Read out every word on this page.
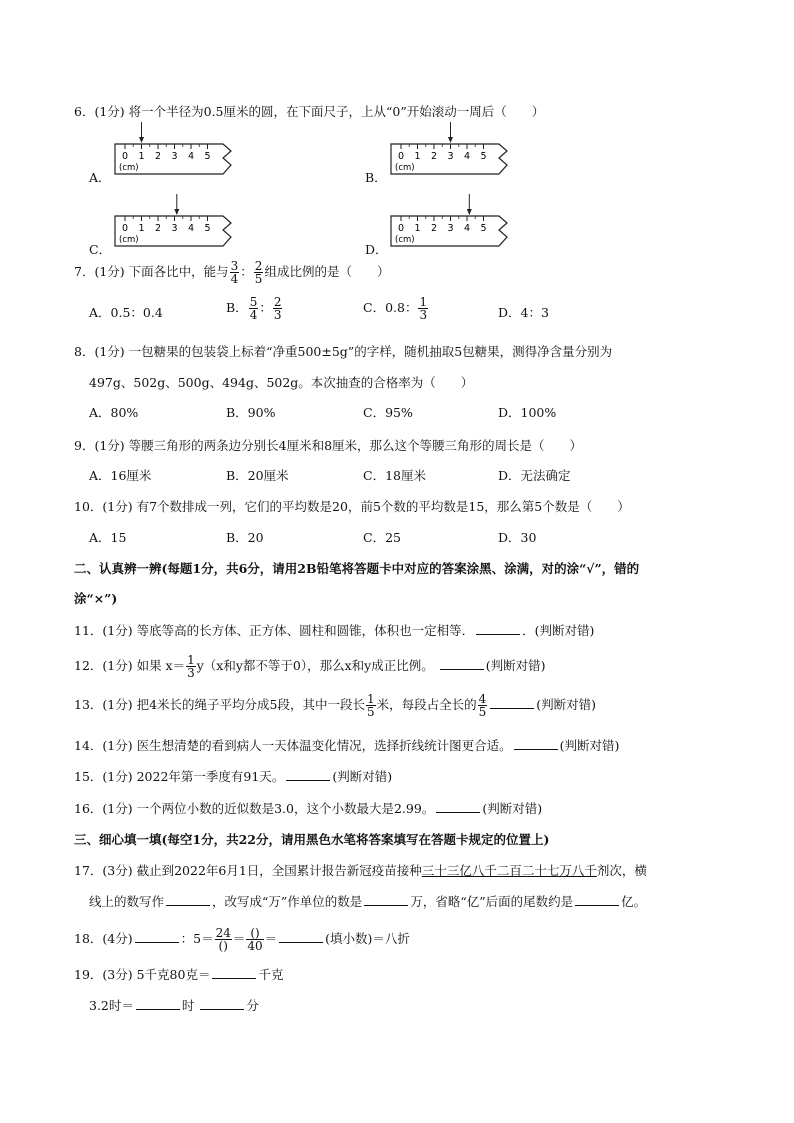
6．(1分) 将一个半径为0.5厘米的圆，在下面尺子，上从“0”开始滚动一周后（　　）
A．
0 1 2 3 4 5
(cm)
B．
0 1 2 3 4 5
(cm)
C．
0 1 2 3 4 5
(cm)
D．
0 1 2 3 4 5
(cm)
7．(1分) 下面各比中，能与 $\frac{3}{4}$ ： $\frac{2}{5}$ 组成比例的是（　　）
A．0.5：0.4	B． $\frac{5}{4}$ ： $\frac{2}{3}$	C．0.8： $\frac{1}{3}$	D．4：3
8．(1分) 一包糖果的包装袋上标着“净重500±5g”的字样，随机抽取5包糖果，测得净含量分别为
497g、502g、500g、494g、502g。本次抽查的合格率为（　　）
A．80%	B．90%	C．95%	D．100%
9．(1分) 等腰三角形的两条边分别长4厘米和8厘米，那么这个等腰三角形的周长是（　　）
A．16厘米	B．20厘米	C．18厘米	D．无法确定
10．(1分) 有7个数排成一列，它们的平均数是20，前5个数的平均数是15，那么第5个数是（　　）
A．15	B．20	C．25	D．30
二、认真辨一辨(每题1分，共6分，请用2B铅笔将答题卡中对应的答案涂黑、涂满，对的涂“√”，错的
涂“×”)
11．(1分) 等底等高的长方体、正方体、圆柱和圆锥，体积也一定相等．	．(判断对错)
12．(1分) 如果 $x= \frac{1}{3} y(x$和y都不等于0），那么x和y成正比例。	(判断对错)
13．(1分) 把4米长的绳子平均分成5段，其中一段长 $\frac{1}{5}$ 米，每段占全长的 $\frac{4}{5}$	(判断对错)
14．(1分) 医生想清楚的看到病人一天体温变化情况，选择折线统计图更合适。	(判断对错)
15．(1分) 2022年第一季度有91天。	(判断对错)
16．(1分) 一个两位小数的近似数是3.0，这个小数最大是2.99。	(判断对错)
三、细心填一填(每空1分，共22分，请用黑色水笔将答案填写在答题卡规定的位置上)
17．(3分) 截止到2022年6月1日，全国累计报告新冠疫苗接种三十三亿八千二百二十七万八千剂次，横
线上的数写作	，改写成“万”作单位的数是	万，省略“亿”后面的尾数约是	亿。
18．(4分)	：$5= \frac{24}{()} = \frac{()}{40}$ ＝	(填小数)＝八折
19．(3分) 5千克80克＝	千克
3.2时＝	时	分
